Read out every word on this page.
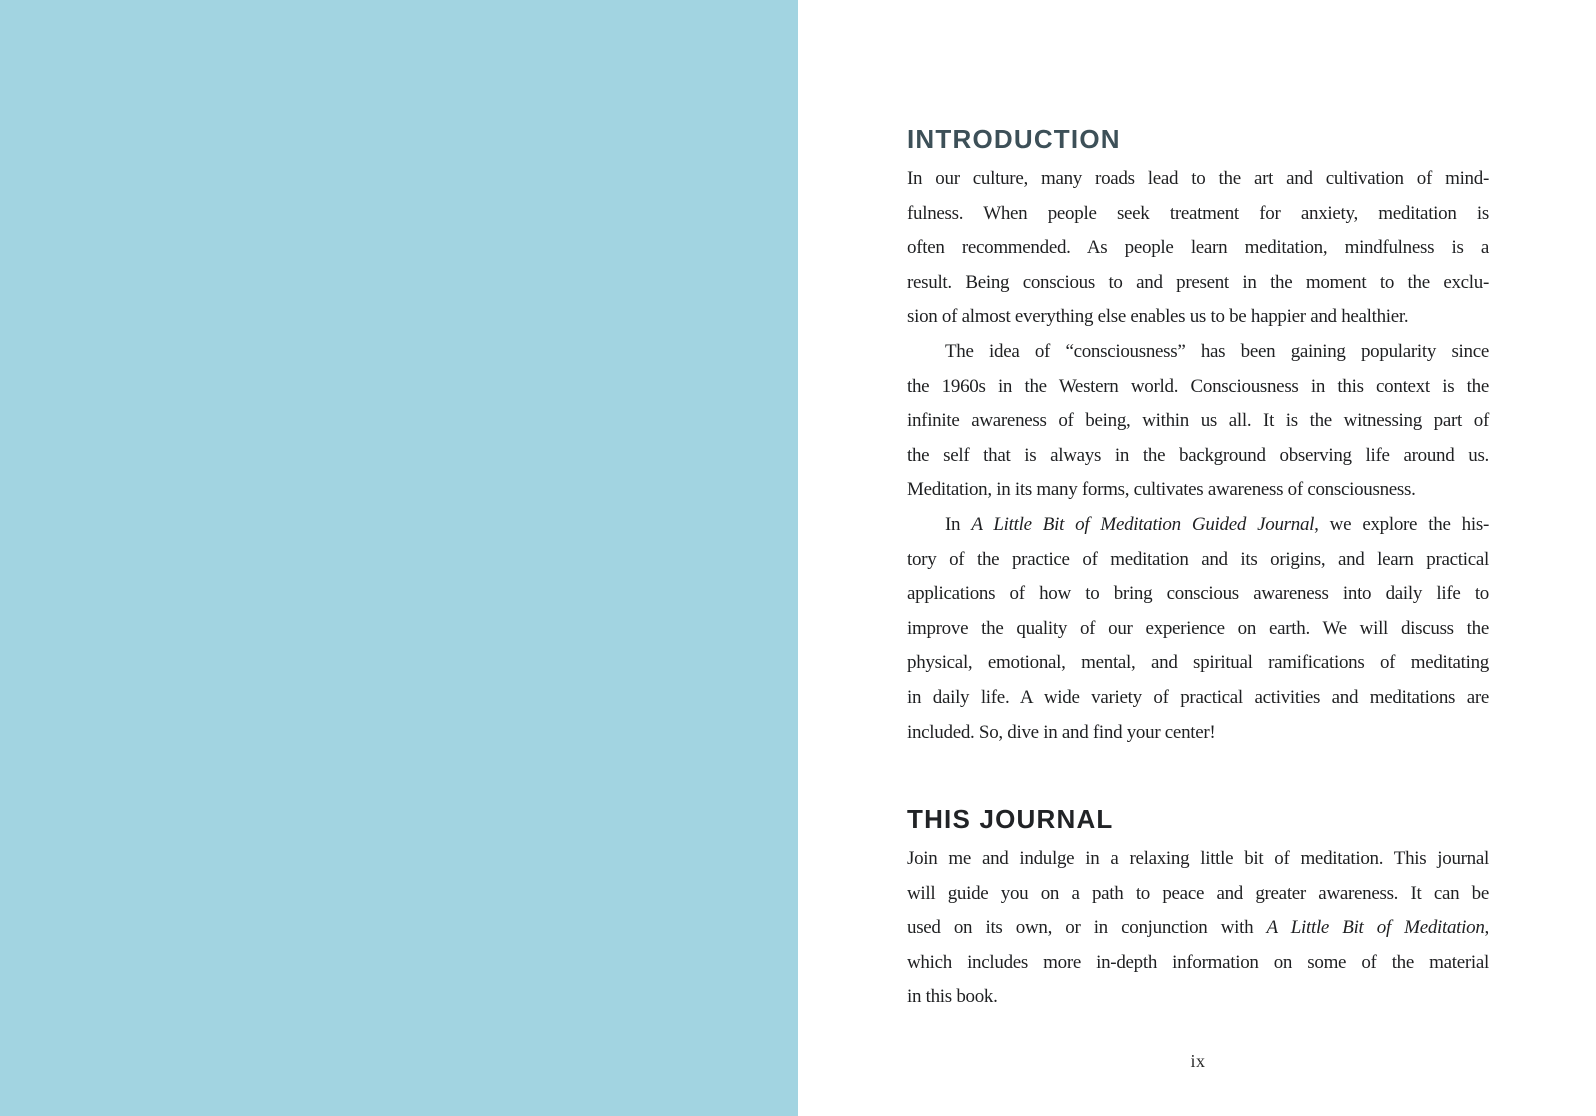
INTRODUCTION
In our culture, many roads lead to the art and cultivation of mind-
fulness. When people seek treatment for anxiety, meditation is
often recommended. As people learn meditation, mindfulness is a
result. Being conscious to and present in the moment to the exclu-
sion of almost everything else enables us to be happier and healthier.
The idea of “consciousness” has been gaining popularity since
the 1960s in the Western world. Consciousness in this context is the
infinite awareness of being, within us all. It is the witnessing part of
the self that is always in the background observing life around us.
Meditation, in its many forms, cultivates awareness of consciousness.
In A Little Bit of Meditation Guided Journal, we explore the his-
tory of the practice of meditation and its origins, and learn practical
applications of how to bring conscious awareness into daily life to
improve the quality of our experience on earth. We will discuss the
physical, emotional, mental, and spiritual ramifications of meditating
in daily life. A wide variety of practical activities and meditations are
included. So, dive in and find your center!
THIS JOURNAL
Join me and indulge in a relaxing little bit of meditation. This journal
will guide you on a path to peace and greater awareness. It can be
used on its own, or in conjunction with A Little Bit of Meditation,
which includes more in-depth information on some of the material
in this book.
ix
